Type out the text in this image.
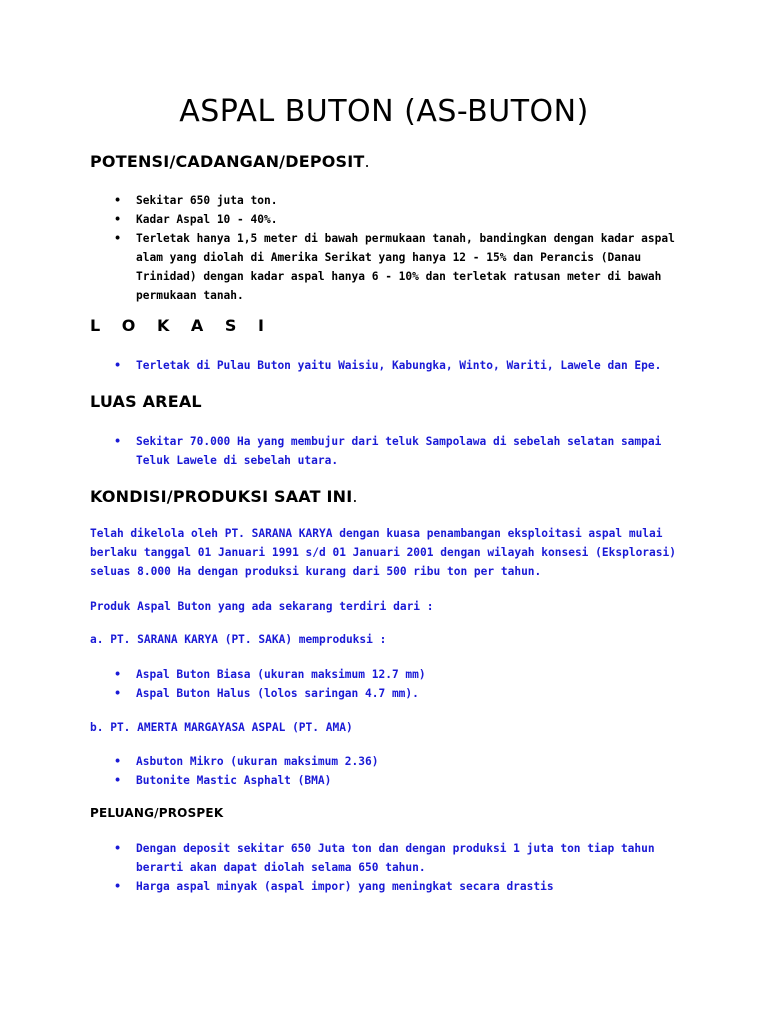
ASPAL BUTON (AS-BUTON)
POTENSI/CADANGAN/DEPOSIT.
• Sekitar 650 juta ton.
• Kadar Aspal 10 - 40%.
• Terletak hanya 1,5 meter di bawah permukaan tanah, bandingkan dengan kadar aspal alam yang diolah di Amerika Serikat yang hanya 12 - 15% dan Perancis (Danau Trinidad) dengan kadar aspal hanya 6 - 10% dan terletak ratusan meter di bawah permukaan tanah.
L O K A S I
• Terletak di Pulau Buton yaitu Waisiu, Kabungka, Winto, Wariti, Lawele dan Epe.
LUAS AREAL
• Sekitar 70.000 Ha yang membujur dari teluk Sampolawa di sebelah selatan sampai Teluk Lawele di sebelah utara.
KONDISI/PRODUKSI SAAT INI.

Telah dikelola oleh PT. SARANA KARYA dengan kuasa penambangan eksploitasi aspal mulai berlaku tanggal 01 Januari 1991 s/d 01 Januari 2001 dengan wilayah konsesi (Eksplorasi) seluas 8.000 Ha dengan produksi kurang dari 500 ribu ton per tahun.

Produk Aspal Buton yang ada sekarang terdiri dari :

a. PT. SARANA KARYA (PT. SAKA) memproduksi :

• Aspal Buton Biasa (ukuran maksimum 12.7 mm)
• Aspal Buton Halus (lolos saringan 4.7 mm).

b. PT. AMERTA MARGAYASA ASPAL (PT. AMA)

• Asbuton Mikro (ukuran maksimum 2.36)
• Butonite Mastic Asphalt (BMA)
PELUANG/PROSPEK
• Dengan deposit sekitar 650 Juta ton dan dengan produksi 1 juta ton tiap tahun berarti akan dapat diolah selama 650 tahun.
• Harga aspal minyak (aspal impor) yang meningkat secara drastis
